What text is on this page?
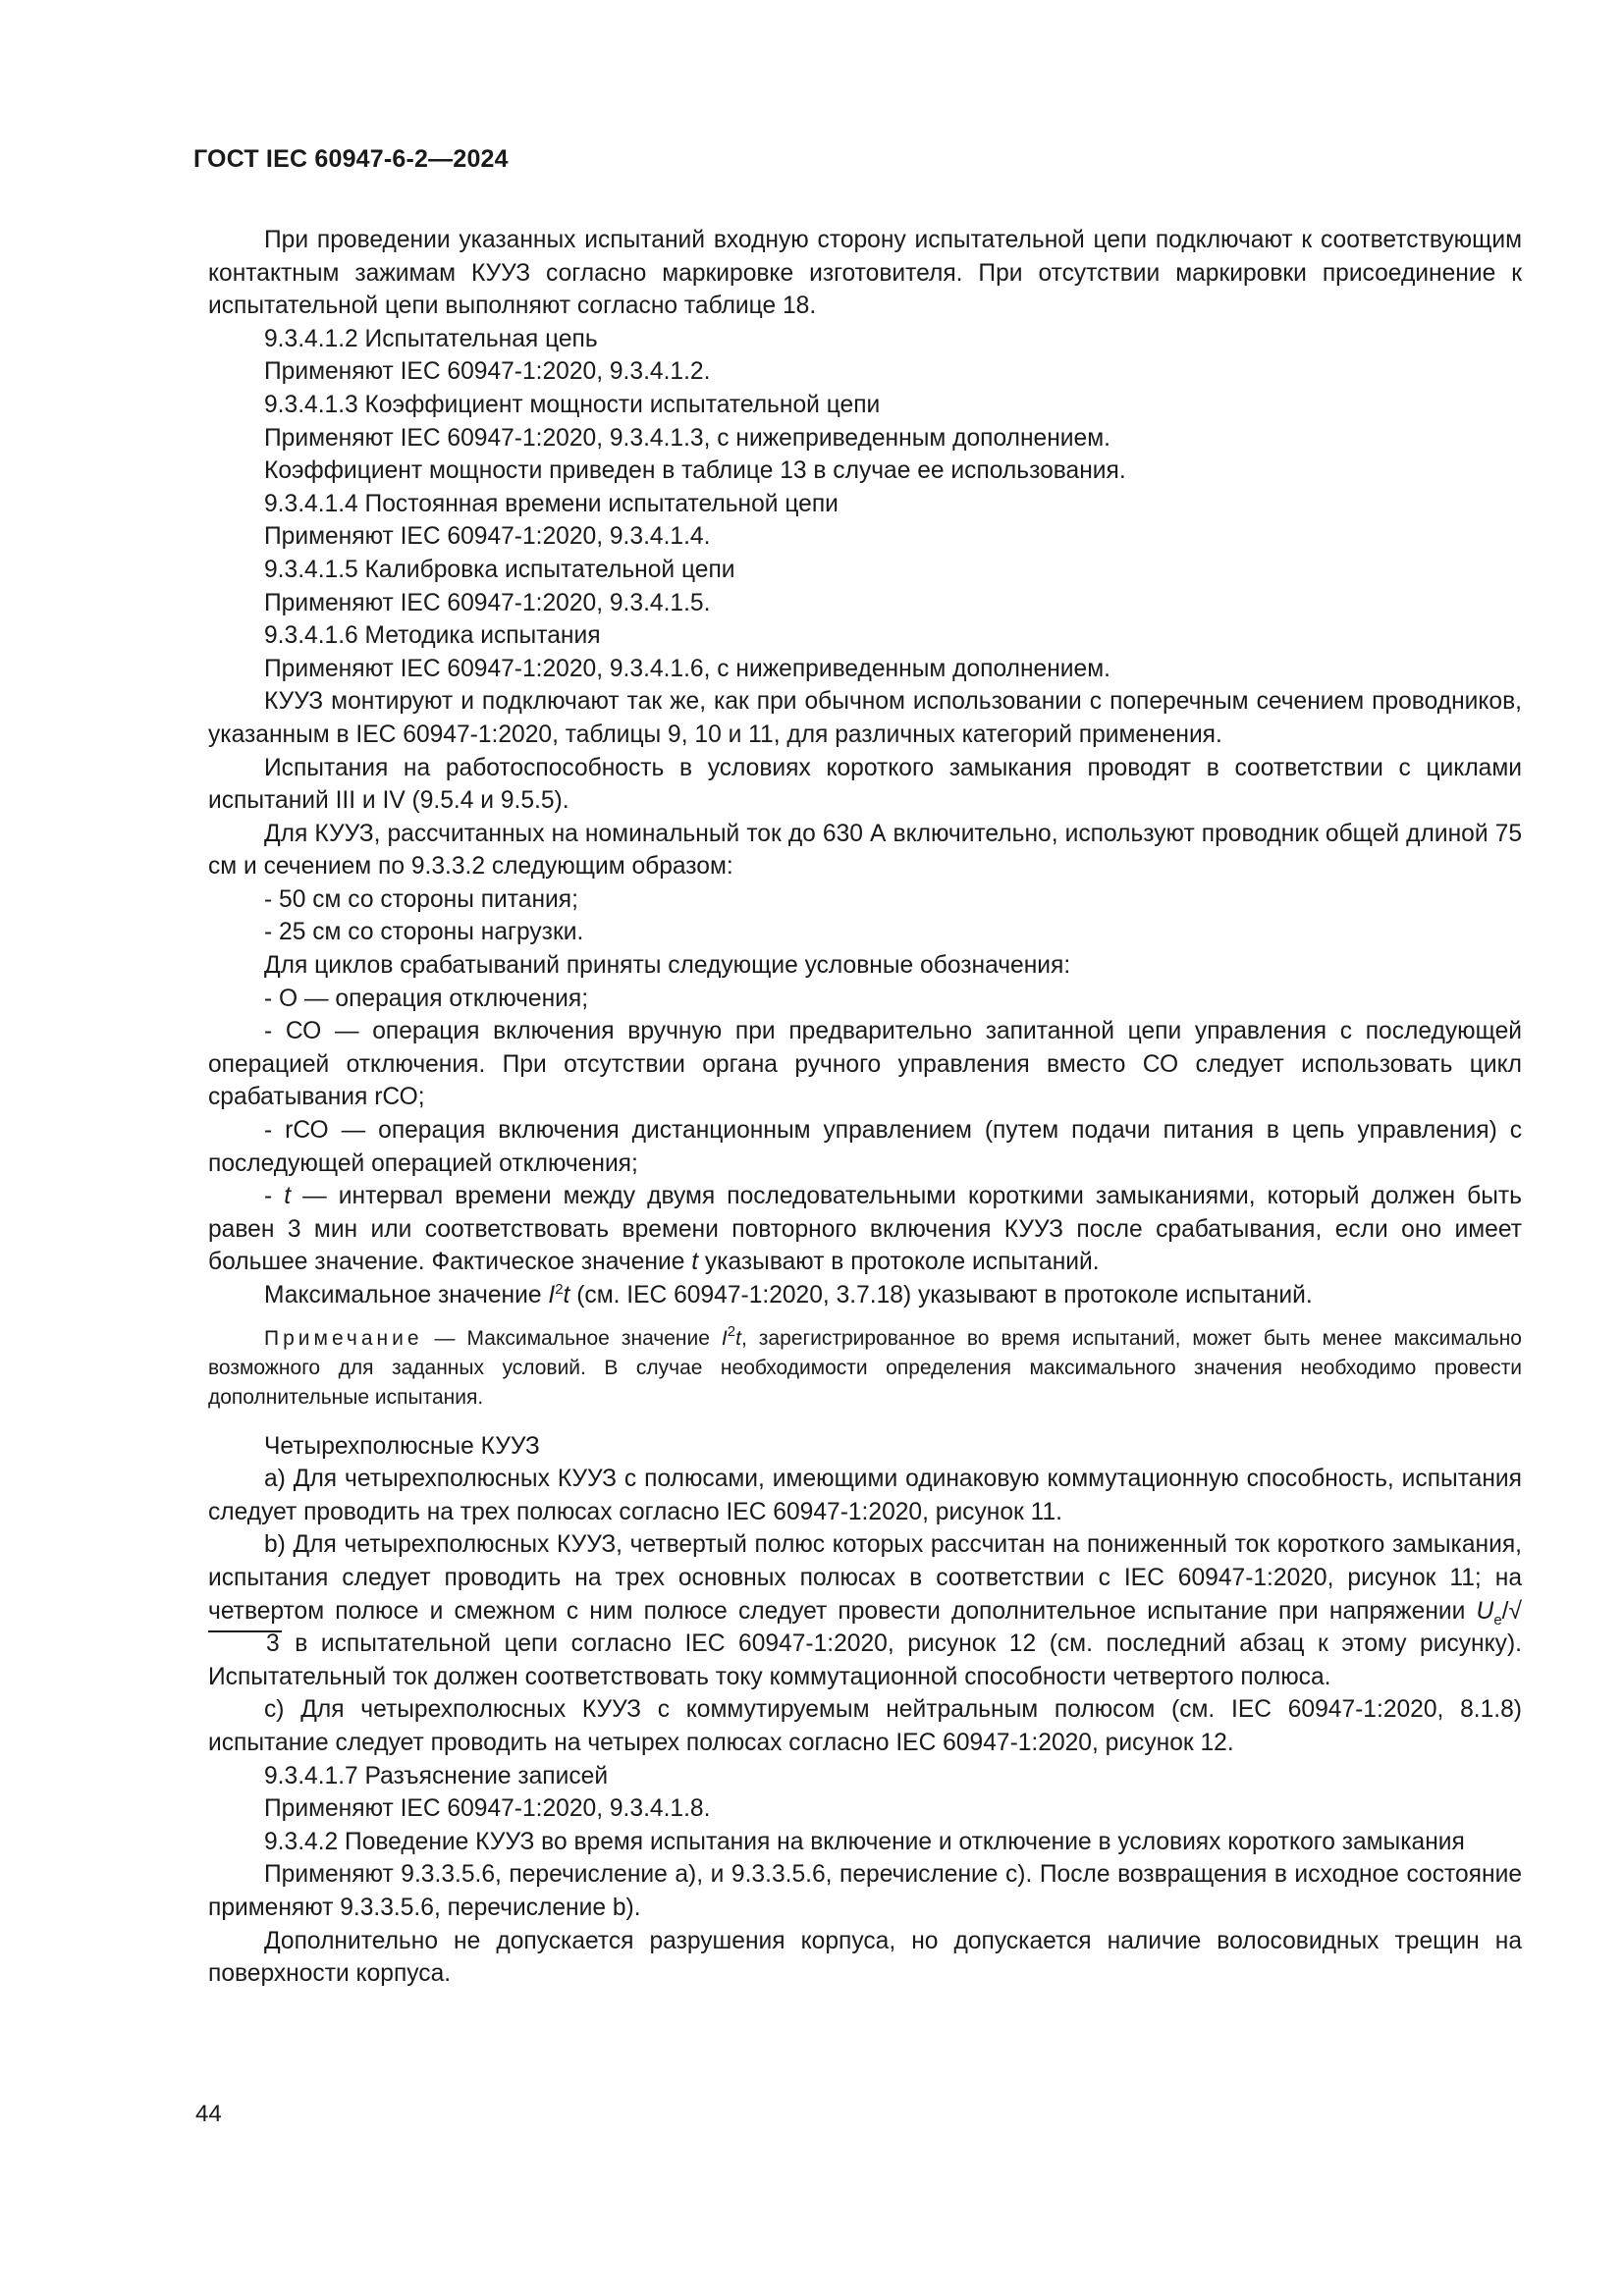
ГОСТ IEC 60947-6-2—2024

При проведении указанных испытаний входную сторону испытательной цепи подключают к соответствующим контактным зажимам КУУЗ согласно маркировке изготовителя. При отсутствии маркировки присоединение к испытательной цепи выполняют согласно таблице 18.

9.3.4.1.2 Испытательная цепь

Применяют IEC 60947-1:2020, 9.3.4.1.2.

9.3.4.1.3 Коэффициент мощности испытательной цепи

Применяют IEC 60947-1:2020, 9.3.4.1.3, с нижеприведенным дополнением.

Коэффициент мощности приведен в таблице 13 в случае ее использования.

9.3.4.1.4 Постоянная времени испытательной цепи

Применяют IEC 60947-1:2020, 9.3.4.1.4.

9.3.4.1.5 Калибровка испытательной цепи

Применяют IEC 60947-1:2020, 9.3.4.1.5.

9.3.4.1.6 Методика испытания

Применяют IEC 60947-1:2020, 9.3.4.1.6, с нижеприведенным дополнением.

КУУЗ монтируют и подключают так же, как при обычном использовании с поперечным сечением проводников, указанным в IEC 60947-1:2020, таблицы 9, 10 и 11, для различных категорий применения.

Испытания на работоспособность в условиях короткого замыкания проводят в соответствии с циклами испытаний III и IV (9.5.4 и 9.5.5).

Для КУУЗ, рассчитанных на номинальный ток до 630 А включительно, используют проводник общей длиной 75 см и сечением по 9.3.3.2 следующим образом:

- 50 см со стороны питания;

- 25 см со стороны нагрузки.

Для циклов срабатываний приняты следующие условные обозначения:

- О — операция отключения;

- СО — операция включения вручную при предварительно запитанной цепи управления с последующей операцией отключения. При отсутствии органа ручного управления вместо СО следует использовать цикл срабатывания rСО;

- rСО — операция включения дистанционным управлением (путем подачи питания в цепь управления) с последующей операцией отключения;

- t — интервал времени между двумя последовательными короткими замыканиями, который должен быть равен 3 мин или соответствовать времени повторного включения КУУЗ после срабатывания, если оно имеет большее значение. Фактическое значение t указывают в протоколе испытаний.

Максимальное значение $I^2t$ (см. IEC 60947-1:2020, 3.7.18) указывают в протоколе испытаний.

Примечание — Максимальное значение $I^2t$, зарегистрированное во время испытаний, может быть менее максимально возможного для заданных условий. В случае необходимости определения максимального значения необходимо провести дополнительные испытания.

Четырехполюсные КУУЗ

a) Для четырехполюсных КУУЗ с полюсами, имеющими одинаковую коммутационную способность, испытания следует проводить на трех полюсах согласно IEC 60947-1:2020, рисунок 11.

b) Для четырехполюсных КУУЗ, четвертый полюс которых рассчитан на пониженный ток короткого замыкания, испытания следует проводить на трех основных полюсах в соответствии с IEC 60947-1:2020, рисунок 11; на четвертом полюсе и смежном с ним полюсе следует провести дополнительное испытание при напряжении $U_e/√3$ в испытательной цепи согласно IEC 60947-1:2020, рисунок 12 (см. последний абзац к этому рисунку). Испытательный ток должен соответствовать току коммутационной способности четвертого полюса.

c) Для четырехполюсных КУУЗ с коммутируемым нейтральным полюсом (см. IEC 60947-1:2020, 8.1.8) испытание следует проводить на четырех полюсах согласно IEC 60947-1:2020, рисунок 12.

9.3.4.1.7 Разъяснение записей

Применяют IEC 60947-1:2020, 9.3.4.1.8.

9.3.4.2 Поведение КУУЗ во время испытания на включение и отключение в условиях короткого замыкания

Применяют 9.3.3.5.6, перечисление а), и 9.3.3.5.6, перечисление с). После возвращения в исходное состояние применяют 9.3.3.5.6, перечисление b).

Дополнительно не допускается разрушения корпуса, но допускается наличие волосовидных трещин на поверхности корпуса.

44
